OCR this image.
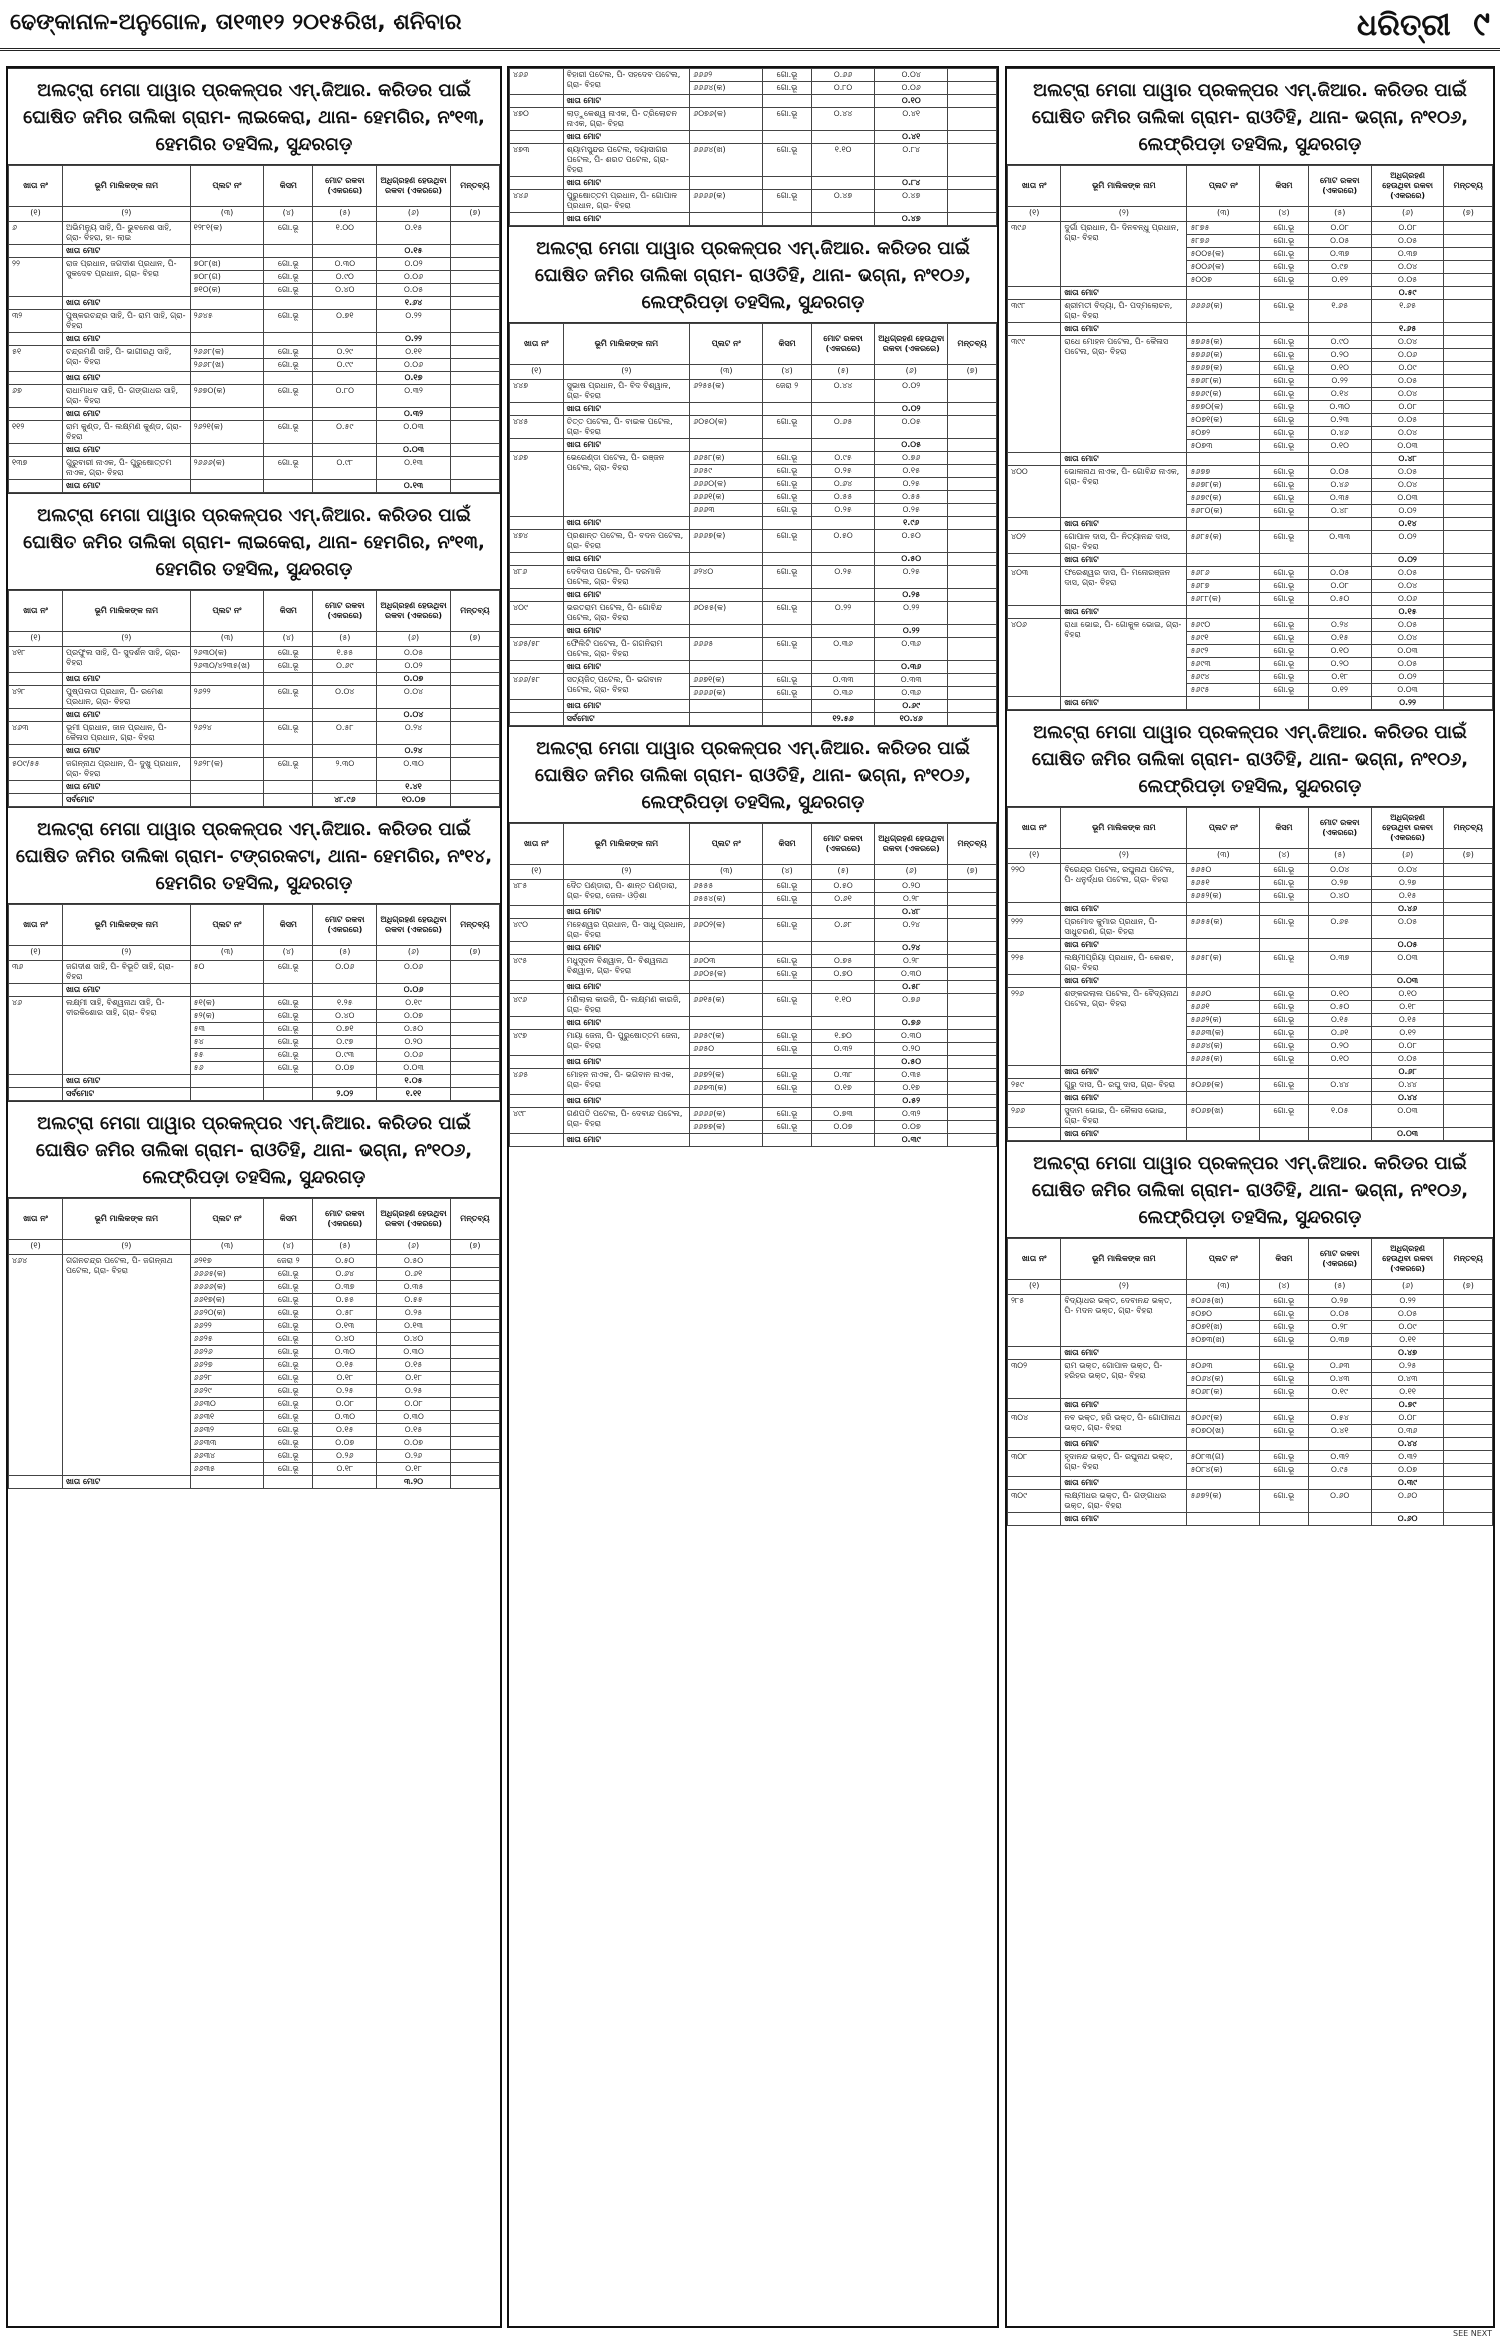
ଢେଙ୍କାନାଳ-ଅନୁଗୋଳ, ତା୧୩୧୨ ୨୦୧୫ରିଖ, ଶନିବାର	ଧରିତ୍ରୀ ୯
ଅଲଟ୍ରା ମେଗା ପାୱାର ପ୍ରକଳ୍ପର ଏମ୍.ଜିଆର. କରିଡର ପାଇଁ ଘୋଷିତ ଜମିର ତାଲିକା ଗ୍ରାମ- ଲାଇକେରା, ଥାନା- ହେମଗିର, ନଂ୧୩, ହେମଗିର ତହସିଲ, ସୁନ୍ଦରଗଡ଼
ଖାତା ନଂ	ଭୂମି ମାଲିକଙ୍କ ନାମ	ପ୍ଲଟ ନଂ	କିସମ	ମୋଟ ରକବା (ଏକରରେ)	ଅଧିଗ୍ରହଣ ହେଉଥିବା ରକବା (ଏକରରେ)	ମନ୍ତବ୍ୟ
(୧)	(୨)	(୩)	(୪)	(୫)	(୬)	(୭)
୬	ଅଭିମନ୍ୟୁ ସାହି, ପି- ଭୁବନେଶ ସାହି, ଗ୍ରା- ବିହରା, ହା- ଲାଇ	୧୨୮୧(କ)	ଗୋ.ଭୂ	୧.୦୦	୦.୧୫	
	ଖାତା ମୋଟ				୦.୧୫	
୨୨	ରାଜ ପ୍ରଧାନ, ଜଗଦୀଶ ପ୍ରଧାନ, ପି- ସୁକଦେବ ପ୍ରଧାନ, ଗ୍ରା- ବିହରା	୭୦୮(ଖ)	ଗୋ.ଭୂ	୦.୩୦	୦.୦୨	
		୭୦୮(ଗ)	ଗୋ.ଭୂ	୦.୯୦	୦.୦୬	
		୭୧୦(କ)	ଗୋ.ଭୂ	୦.୪୦	୦.୦୫	
	ଖାତା ମୋଟ				୧.୬୪	
୩୨	ପୁଷ୍କରଚନ୍ଦ୍ର ସାହି, ପି- ରାମ ସାହି, ଗ୍ରା- ବିହରା	୨୬୪୫	ଗୋ.ଭୂ	୦.୭୧	୦.୨୨	
	ଖାତା ମୋଟ				୦.୨୨	
୫୧	ଚନ୍ଦ୍ରମଣି ସାହି, ପି- ଭାଗୀରଥି ସାହି, ଗ୍ରା- ବିହରା	୨୬୬୮(କ)	ଗୋ.ଭୂ	୦.୨୯	୦.୧୧	
		୨୬୬୮(ଖ)	ଗୋ.ଭୂ	୦.୯୯	୦.୦୬	
	ଖାତା ମୋଟ				୦.୧୭	
୬୭	ରାଧାମାଧବ ସାହି, ପି- ଗଙ୍ଗାଧର ସାହି, ଗ୍ରା- ବିହରା	୨୬୭୦(କ)	ଗୋ.ଭୂ	୦.୮୦	୦.୩୨	
	ଖାତା ମୋଟ				୦.୩୨	
୧୧୨	ରାମ କୁଣ୍ଡ, ପି- ଲକ୍ଷ୍ମଣ କୁଣ୍ଡ, ଗ୍ରା- ବିହରା	୨୬୨୧(କ)	ଗୋ.ଭୂ	୦.୫୯	୦.୦୩	
	ଖାତା ମୋଟ				୦.୦୩	
୧୩୭	ଗୁରୁବାରୀ ନାଏକ, ପି- ପୁରୁଷୋତ୍ତମ ନାଏକ, ଗ୍ରା- ବିହରା	୨୬୬୬(କ)	ଗୋ.ଭୂ	୦.୯୮	୦.୧୩	
	ଖାତା ମୋଟ				୦.୧୩	
ଅଲଟ୍ରା ମେଗା ପାୱାର ପ୍ରକଳ୍ପର ଏମ୍.ଜିଆର. କରିଡର ପାଇଁ ଘୋଷିତ ଜମିର ତାଲିକା ଗ୍ରାମ- ଲାଇକେରା, ଥାନା- ହେମଗିର, ନଂ୧୩, ହେମଗିର ତହସିଲ, ସୁନ୍ଦରଗଡ଼
ଖାତା ନଂ	ଭୂମି ମାଲିକଙ୍କ ନାମ	ପ୍ଲଟ ନଂ	କିସମ	ମୋଟ ରକବା (ଏକରରେ)	ଅଧିଗ୍ରହଣ ହେଉଥିବା ରକବା (ଏକରରେ)	ମନ୍ତବ୍ୟ
(୧)	(୨)	(୩)	(୪)	(୫)	(୬)	(୭)
୪୧୮	ପ୍ରଫୁଲ ସାହି, ପି- ସୁଦର୍ଶନ ସାହି, ଗ୍ରା- ବିହରା	୨୬୩୦(କ)	ଗୋ.ଭୂ	୧.୫୫	୦.୦୫	
		୨୬୩୦/୪୨୩୫(ଖ)	ଗୋ.ଭୂ	୦.୬୯	୦.୦୨	
	ଖାତା ମୋଟ				୦.୦୭	
୪୨୮	ପୁଷ୍ପଲତା ପ୍ରଧାନ, ପି- ରମେଶ ପ୍ରଧାନ, ଗ୍ରା- ବିହରା	୨୬୨୨	ଗୋ.ଭୂ	୦.୦୪	୦.୦୪	
	ଖାତା ମୋଟ				୦.୦୪	
୪୬୩	ଭୂମୀ ପ୍ରଧାନ, ଜାନ ପ୍ରଧାନ, ପି- କୈଳାସ ପ୍ରଧାନ, ଗ୍ରା- ବିହରା	୨୬୨୪	ଗୋ.ଭୂ	୦.୫୮	୦.୨୪	
	ଖାତା ମୋଟ				୦.୨୪	
୫୦୯/୫୫	ଜଗନ୍ନାଥ ପ୍ରଧାନ, ପି- ଦୁଖୁ ପ୍ରଧାନ, ଗ୍ରା- ବିହରା	୨୬୨୮(କ)	ଗୋ.ଭୂ	୨.୩୦	୦.୩୦	
	ଖାତା ମୋଟ				୧.୪୧	
	ସର୍ବମୋଟ			୪୮.୯୬	୧୦.୦୭	
ଅଲଟ୍ରା ମେଗା ପାୱାର ପ୍ରକଳ୍ପର ଏମ୍.ଜିଆର. କରିଡର ପାଇଁ ଘୋଷିତ ଜମିର ତାଲିକା ଗ୍ରାମ- ଟଙ୍ଗରକଟା, ଥାନା- ହେମଗିର, ନଂ୧୪, ହେମଗିର ତହସିଲ, ସୁନ୍ଦରଗଡ଼
ଖାତା ନଂ	ଭୂମି ମାଲିକଙ୍କ ନାମ	ପ୍ଲଟ ନଂ	କିସମ	ମୋଟ ରକବା (ଏକରରେ)	ଅଧିଗ୍ରହଣ ହେଉଥିବା ରକବା (ଏକରରେ)	ମନ୍ତବ୍ୟ
(୧)	(୨)	(୩)	(୪)	(୫)	(୬)	(୭)
୩୬	ଜଗଦୀଶ ସାହି, ପି- ବିଭୂତି ସାହି, ଗ୍ରା- ବିହରା	୫୦	ଗୋ.ଭୂ	୦.୦୬	୦.୦୬	
	ଖାତା ମୋଟ				୦.୦୬	
୪୬	ଲକ୍ଷ୍ମୀ ସାହି, ବିଶ୍ୱନାଥ ସାହି, ପି- ବୀରକିଶୋର ସାହି, ଗ୍ରା- ବିହରା	୫୧(କ)	ଗୋ.ଭୂ	୧.୨୫	୦.୧୯	
		୫୨(କ)	ଗୋ.ଭୂ	୦.୪୦	୦.୦୭	
		୫୩	ଗୋ.ଭୂ	୦.୭୧	୦.୫୦	
		୫୪	ଗୋ.ଭୂ	୦.୯୭	୦.୨୦	
		୫୫	ଗୋ.ଭୂ	୦.୯୩	୦.୦୬	
		୫୬	ଗୋ.ଭୂ	୦.୦୭	୦.୦୩	
	ଖାତା ମୋଟ				୧.୦୫	
	ସର୍ବମୋଟ			୨.୦୨	୧.୧୧	
ଅଲଟ୍ରା ମେଗା ପାୱାର ପ୍ରକଳ୍ପର ଏମ୍.ଜିଆର. କରିଡର ପାଇଁ ଘୋଷିତ ଜମିର ତାଲିକା ଗ୍ରାମ- ରାଓତିହି, ଥାନା- ଭଗ୍ନା, ନଂ୧୦୬, ଲେଫ୍ରିପଡ଼ା ତହସିଲ, ସୁନ୍ଦରଗଡ଼
ଖାତା ନଂ	ଭୂମି ମାଲିକଙ୍କ ନାମ	ପ୍ଲଟ ନଂ	କିସମ	ମୋଟ ରକବା (ଏକରରେ)	ଅଧିଗ୍ରହଣ ହେଉଥିବା ରକବା (ଏକରରେ)	ମନ୍ତବ୍ୟ
(୧)	(୨)	(୩)	(୪)	(୫)	(୬)	(୭)
୪୬୪	ଗଗନଚନ୍ଦ୍ର ପଟେଲ, ପି- ଜଗନ୍ନାଥ ପଟେଲ, ଗ୍ରା- ବିହରା	୬୨୧୭	ଜେରା ୨	୦.୫୦	୦.୫୦	
		୬୬୬୫(କ)	ଗୋ.ଭୂ	୦.୬୪	୦.୬୧	
		୬୬୬୬(କ)	ଗୋ.ଭୂ	୦.୩୭	୦.୩୫	
		୬୬୧୭(କ)	ଗୋ.ଭୂ	୦.୫୫	୦.୫୫	
		୬୬୨୦(କ)	ଗୋ.ଭୂ	୦.୫୮	୦.୨୫	
		୬୬୨୨	ଗୋ.ଭୂ	୦.୧୩	୦.୧୩	
		୬୬୨୫	ଗୋ.ଭୂ	୦.୪୦	୦.୪୦	
		୬୬୨୬	ଗୋ.ଭୂ	୦.୩୦	୦.୩୦	
		୬୬୨୭	ଗୋ.ଭୂ	୦.୧୫	୦.୧୫	
		୬୬୨୮	ଗୋ.ଭୂ	୦.୧୮	୦.୧୮	
		୬୬୨୯	ଗୋ.ଭୂ	୦.୨୫	୦.୨୫	
		୬୬୩୦	ଗୋ.ଭୂ	୦.୦୮	୦.୦୮	
		୬୬୩୧	ଗୋ.ଭୂ	୦.୩୦	୦.୩୦	
		୬୬୩୨	ଗୋ.ଭୂ	୦.୧୫	୦.୧୫	
		୬୬୩୩	ଗୋ.ଭୂ	୦.୦୭	୦.୦୭	
		୬୬୩୪	ଗୋ.ଭୂ	୦.୨୬	୦.୨୬	
		୬୬୩୫	ଗୋ.ଭୂ	୦.୧୮	୦.୧୮	
	ଖାତା ମୋଟ				୩.୨୦	
୪୬୬	ବିହାରୀ ପଟେଲ, ପି- ସହଦେବ ପଟେଲ, ଗ୍ରା- ବିହରା	୬୬୬୨	ଗୋ.ଭୂ	୦.୬୬	୦.୦୪	
		୬୬୬୪(କ)	ଗୋ.ଭୂ	୦.୮୦	୦.୦୬	
	ଖାତା ମୋଟ				୦.୧୦	
୪୭୦	ଲାଡ଼ୁକେଶ୍ୱ ନାଏକ, ପି- ତ୍ରିଲୋଚନ ନାଏକ, ଗ୍ରା- ବିହରା	୬୦୭୬(କ)	ଗୋ.ଭୂ	୦.୪୪	୦.୪୧	
	ଖାତା ମୋଟ				୦.୪୧	
୪୭୩	ଶ୍ୟାମସୁନ୍ଦର ପଟେଲ, ଦୟାସାଗର ପଟେଲ, ପି- ଶରତ ପଟେଲ, ଗ୍ରା- ବିହରା	୬୬୬୪(ଖ)	ଗୋ.ଭୂ	୧.୧୦	୦.୮୪	
	ଖାତା ମୋଟ				୦.୮୪	
୪୪୬	ପୁରୁଷୋତ୍ତମ ପ୍ରଧାନ, ପି- ଗୋପାଳ ପ୍ରଧାନ, ଗ୍ରା- ବିହରା	୬୬୬୬(କ)	ଗୋ.ଭୂ	୦.୪୭	୦.୪୭	
	ଖାତା ମୋଟ				୦.୪୭	
ଅଲଟ୍ରା ମେଗା ପାୱାର ପ୍ରକଳ୍ପର ଏମ୍.ଜିଆର. କରିଡର ପାଇଁ ଘୋଷିତ ଜମିର ତାଲିକା ଗ୍ରାମ- ରାଓତିହି, ଥାନା- ଭଗ୍ନା, ନଂ୧୦୬, ଲେଫ୍ରିପଡ଼ା ତହସିଲ, ସୁନ୍ଦରଗଡ଼
ଖାତା ନଂ	ଭୂମି ମାଲିକଙ୍କ ନାମ	ପ୍ଲଟ ନଂ	କିସମ	ମୋଟ ରକବା (ଏକରରେ)	ଅଧିଗ୍ରହଣ ହେଉଥିବା ରକବା (ଏକରରେ)	ମନ୍ତବ୍ୟ
(୧)	(୨)	(୩)	(୪)	(୫)	(୬)	(୭)
୪୪୭	ସୁଭାଷ ପ୍ରଧାନ, ପି- ବିଦ ବିଶ୍ୱାଳ, ଗ୍ରା- ବିହରା	୬୨୫୫(କ)	ଜେରା ୨	୦.୪୪	୦.୦୨	
	ଖାତା ମୋଟ				୦.୦୨	
୪୪୫	ଚିତ୍ତ ପଟେଲ, ପି- ବାଇକ ପଟେଲ, ଗ୍ରା- ବିହରା	୬୦୫୦(କ)	ଗୋ.ଭୂ	୦.୬୫	୦.୦୫	
	ଖାତା ମୋଟ				୦.୦୫	
୪୬୭	ଭେରେଣ୍ଡା ପଟେଲ, ପି- ରଞ୍ଜନ ପଟେଲ, ଗ୍ରା- ବିହରା	୬୬୫୮(କ)	ଗୋ.ଭୂ	୦.୯୫	୦.୭୬	
		୬୬୫୯	ଗୋ.ଭୂ	୦.୨୫	୦.୧୫	
		୬୬୬୦(କ)	ଗୋ.ଭୂ	୦.୬୪	୦.୨୫	
		୬୬୬୧(କ)	ଗୋ.ଭୂ	୦.୫୫	୦.୫୫	
		୬୬୬୩	ଗୋ.ଭୂ	୦.୨୫	୦.୨୫	
	ଖାତା ମୋଟ				୧.୯୬	
୪୭୪	ପ୍ରଶାନ୍ତ ପଟେଲ, ପି- ବଦନ ପଟେଲ, ଗ୍ରା- ବିହରା	୬୬୬୭(କ)	ଗୋ.ଭୂ	୦.୫୦	୦.୫୦	
	ଖାତା ମୋଟ				୦.୫୦	
୪୮୬	ଦେବିଦାସ ପଟେଲ, ପି- ଦରମାଳି ପଟେଲ, ଗ୍ରା- ବିହରା	୬୨୪୦	ଗୋ.ଭୂ	୦.୨୫	୦.୨୫	
	ଖାତା ମୋଟ				୦.୨୫	
୪୦୯	ଭରତରାମ ପଟେଲ, ପି- ଗୋବିନ୍ଦ ପଟେଲ, ଗ୍ରା- ବିହରା	୬୦୫୫(କ)	ଗୋ.ଭୂ	୦.୨୨	୦.୨୨	
	ଖାତା ମୋଟ				୦.୨୨	
୪୬୫/୫୮	ଫୈଲିଟି ପଟେଲ, ପି- ଗଗନିରାମ ପଟେଲ, ଗ୍ରା- ବିହରା	୬୬୬୫	ଗୋ.ଭୂ	୦.୩୬	୦.୩୬	
	ଖାତା ମୋଟ				୦.୩୬	
୪୬୬/୫୮	ସତ୍ୟଜିତ୍ ପଟେଲ, ପି- ଭଗବାନ ପଟେଲ, ଗ୍ରା- ବିହରା	୬୬୭୧(କ)	ଗୋ.ଭୂ	୦.୩୩	୦.୩୩	
		୬୬୬୬(କ)	ଗୋ.ଭୂ	୦.୩୬	୦.୩୬	
	ଖାତା ମୋଟ				୦.୬୯	
	ସର୍ବମୋଟ			୧୨.୫୬	୧୦.୪୬	
ଅଲଟ୍ରା ମେଗା ପାୱାର ପ୍ରକଳ୍ପର ଏମ୍.ଜିଆର. କରିଡର ପାଇଁ ଘୋଷିତ ଜମିର ତାଲିକା ଗ୍ରାମ- ରାଓତିହି, ଥାନା- ଭଗ୍ନା, ନଂ୧୦୬, ଲେଫ୍ରିପଡ଼ା ତହସିଲ, ସୁନ୍ଦରଗଡ଼
ଖାତା ନଂ	ଭୂମି ମାଲିକଙ୍କ ନାମ	ପ୍ଲଟ ନଂ	କିସମ	ମୋଟ ରକବା (ଏକରରେ)	ଅଧିଗ୍ରହଣ ହେଉଥିବା ରକବା (ଏକରରେ)	ମନ୍ତବ୍ୟ
(୧)	(୨)	(୩)	(୪)	(୫)	(୬)	(୭)
୪୮୫	ଦୈତ ପଣ୍ଡାରା, ପି- ଶାନ୍ତ ପଣ୍ଡାରା, ଗ୍ରା- ବିହରା, ଜେନା- ଓଡ଼ିଶା	୬୫୫୫	ଗୋ.ଭୂ	୦.୫୦	୦.୨୦	
		୬୫୫୪(କ)	ଗୋ.ଭୂ	୦.୬୧	୦.୨୮	
	ଖାତା ମୋଟ				୦.୪୮	
୪୯୦	ମହେଶ୍ୱର ପ୍ରଧାନ, ପି- ସାଧୁ ପ୍ରଧାନ, ଗ୍ରା- ବିହରା	୬୬୦୨(କ)	ଗୋ.ଭୂ	୦.୬୮	୦.୨୪	
	ଖାତା ମୋଟ				୦.୨୪	
୪୯୫	ମଧୁସୂଦନ ବିଶ୍ୱାଳ, ପି- ବିଶ୍ୱନାଥ ବିଶ୍ୱାଳ, ଗ୍ରା- ବିହରା	୬୬୦୩	ଗୋ.ଭୂ	୦.୭୫	୦.୨୮	
		୬୬୦୫(କ)	ଗୋ.ଭୂ	୦.୭୦	୦.୩୦	
	ଖାତା ମୋଟ				୦.୫୮	
୪୯୬	ମଣିଲାଲ କାରଜି, ପି- ଲକ୍ଷ୍ମଣ କାରଜି, ଗ୍ରା- ବିହରା	୬୬୧୫(କ)	ଗୋ.ଭୂ	୧.୧୦	୦.୭୬	
	ଖାତା ମୋଟ				୦.୭୬	
୪୯୭	ମାୟା ଜେନା, ପି- ପୁରୁଷୋତ୍ତମ ଜେନା, ଗ୍ରା- ବିହରା	୬୬୫୯(କ)	ଗୋ.ଭୂ	୧.୭୦	୦.୩୦	
		୬୬୫୦	ଗୋ.ଭୂ	୦.୩୨	୦.୨୦	
	ଖାତା ମୋଟ				୦.୫୦	
୪୬୫	ମୋହନ ନାଏକ, ପି- ଭଗବାନ ନାଏକ, ଗ୍ରା- ବିହରା	୬୬୭୨(କ)	ଗୋ.ଭୂ	୦.୩୮	୦.୩୫	
		୬୬୭୩(କ)	ଗୋ.ଭୂ	୦.୧୭	୦.୧୭	
	ଖାତା ମୋଟ				୦.୫୨	
୪୯୮	ଗଣପତି ପଟେଲ, ପି- ଦେବାନ୍ଦ ପଟେଲ, ଗ୍ରା- ବିହରା	୬୬୬୬(କ)	ଗୋ.ଭୂ	୦.୭୩	୦.୩୨	
		୬୬୭୭(କ)	ଗୋ.ଭୂ	୦.୦୭	୦.୦୭	
	ଖାତା ମୋଟ				୦.୩୯	
ଅଲଟ୍ରା ମେଗା ପାୱାର ପ୍ରକଳ୍ପର ଏମ୍.ଜିଆର. କରିଡର ପାଇଁ ଘୋଷିତ ଜମିର ତାଲିକା ଗ୍ରାମ- ରାଓତିହି, ଥାନା- ଭଗ୍ନା, ନଂ୧୦୬, ଲେଫ୍ରିପଡ଼ା ତହସିଲ, ସୁନ୍ଦରଗଡ଼
ଖାତା ନଂ	ଭୂମି ମାଲିକଙ୍କ ନାମ	ପ୍ଲଟ ନଂ	କିସମ	ମୋଟ ରକବା (ଏକରରେ)	ଅଧିଗ୍ରହଣ ହେଉଥିବା ରକବା (ଏକରରେ)	ମନ୍ତବ୍ୟ
(୧)	(୨)	(୩)	(୪)	(୫)	(୬)	(୭)
୩୯୬	ଦୁର୍ଗା ପ୍ରଧାନ, ପି- ଦିନବନ୍ଧୁ ପ୍ରଧାନ, ଗ୍ରା- ବିହରା	୫୮୭୫	ଗୋ.ଭୂ	୦.୦୮	୦.୦୮	
		୫୮୭୬	ଗୋ.ଭୂ	୦.୦୫	୦.୦୫	
		୫୦୦୫(କ)	ଗୋ.ଭୂ	୦.୩୭	୦.୩୭	
		୫୦୦୬(କ)	ଗୋ.ଭୂ	୦.୯୭	୦.୦୪	
		୫୦୦୭	ଗୋ.ଭୂ	୦.୧୨	୦.୦୫	
	ଖାତା ମୋଟ				୦.୫୯	
୩୯୮	ଶ୍ରୀମତୀ ବିଦ୍ୟା, ପି- ପଦ୍ମଲୋଚନ, ଗ୍ରା- ବିହରା	୬୬୬୬(କ)	ଗୋ.ଭୂ	୧.୬୫	୧.୬୫	
	ଖାତା ମୋଟ				୧.୬୫	
୩୯୯	ରାଧେ ମୋହନ ପଟେଲ, ପି- କୈଳାସ ପଟେଲ, ଗ୍ରା- ବିହରା	୫୭୬୫(କ)	ଗୋ.ଭୂ	୦.୯୦	୦.୦୪	
		୫୭୬୬(କ)	ଗୋ.ଭୂ	୦.୨୦	୦.୦୬	
		୫୭୬୭(କ)	ଗୋ.ଭୂ	୦.୧୦	୦.୦୯	
		୫୭୬୮(କ)	ଗୋ.ଭୂ	୦.୨୨	୦.୦୫	
		୫୭୬୯(କ)	ଗୋ.ଭୂ	୦.୧୪	୦.୦୪	
		୫୭୭୦(କ)	ଗୋ.ଭୂ	୦.୩୦	୦.୦୮	
		୫୦୭୧(କ)	ଗୋ.ଭୂ	୦.୨୩	୦.୦୫	
		୫୦୭୨	ଗୋ.ଭୂ	୦.୪୬	୦.୦୪	
		୫୦୭୩	ଗୋ.ଭୂ	୦.୧୦	୦.୦୩	
	ଖାତା ମୋଟ				୦.୪୮	
୪୦୦	ଭୋଳାନାଥ ନାଏକ, ପି- ଗୋବିନ୍ଦ ନାଏକ, ଗ୍ରା- ବିହରା	୫୬୭୭	ଗୋ.ଭୂ	୦.୦୫	୦.୦୫	
		୫୬୭୮(କ)	ଗୋ.ଭୂ	୦.୪୬	୦.୦୪	
		୫୬୭୯(କ)	ଗୋ.ଭୂ	୦.୩୫	୦.୦୩	
		୫୬୮୦(କ)	ଗୋ.ଭୂ	୦.୪୮	୦.୦୨	
	ଖାତା ମୋଟ				୦.୧୪	
୪୦୨	ଗୋପାଳ ଦାସ, ପି- ନିତ୍ୟାନନ୍ଦ ଦାସ, ଗ୍ରା- ବିହରା	୫୬୮୫(କ)	ଗୋ.ଭୂ	୦.୩୩	୦.୦୨	
	ଖାତା ମୋଟ				୦.୦୨	
୪୦୩	ଫରେଶ୍ୱର ଦାସ, ପି- ମନୋରଞ୍ଜନ ଦାସ, ଗ୍ରା- ବିହରା	୫୬୮୬	ଗୋ.ଭୂ	୦.୦୫	୦.୦୫	
		୫୬୮୭	ଗୋ.ଭୂ	୦.୦୮	୦.୦୪	
		୫୬୮୮(କ)	ଗୋ.ଭୂ	୦.୫୦	୦.୦୬	
	ଖାତା ମୋଟ				୦.୧୫	
୪୦୬	ରାଧା ଭୋଇ, ପି- ଗୋକୁଳ ଭୋଇ, ଗ୍ରା- ବିହରା	୫୬୯୦	ଗୋ.ଭୂ	୦.୨୪	୦.୦୫	
		୫୬୯୧	ଗୋ.ଭୂ	୦.୧୫	୦.୦୪	
		୫୬୯୨	ଗୋ.ଭୂ	୦.୧୦	୦.୦୩	
		୫୬୯୩	ଗୋ.ଭୂ	୦.୨୦	୦.୦୫	
		୫୬୯୪	ଗୋ.ଭୂ	୦.୧୮	୦.୦୨	
		୫୬୯୫	ଗୋ.ଭୂ	୦.୧୨	୦.୦୩	
	ଖାତା ମୋଟ				୦.୨୨	
ଅଲଟ୍ରା ମେଗା ପାୱାର ପ୍ରକଳ୍ପର ଏମ୍.ଜିଆର. କରିଡର ପାଇଁ ଘୋଷିତ ଜମିର ତାଲିକା ଗ୍ରାମ- ରାଓତିହି, ଥାନା- ଭଗ୍ନା, ନଂ୧୦୬, ଲେଫ୍ରିପଡ଼ା ତହସିଲ, ସୁନ୍ଦରଗଡ଼
ଖାତା ନଂ	ଭୂମି ମାଲିକଙ୍କ ନାମ	ପ୍ଲଟ ନଂ	କିସମ	ମୋଟ ରକବା (ଏକରରେ)	ଅଧିଗ୍ରହଣ ହେଉଥିବା ରକବା (ଏକରରେ)	ମନ୍ତବ୍ୟ
(୧)	(୨)	(୩)	(୪)	(୫)	(୬)	(୭)
୨୨୦	ବିରେନ୍ଦ୍ର ପଟେଲ, ରଘୁନାଥ ପଟେଲ, ପି- ଧନୁର୍ଦ୍ଧର ପଟେଲ, ଗ୍ରା- ବିହରା	୫୬୫୦	ଗୋ.ଭୂ	୦.୦୪	୦.୦୪	
		୫୬୫୧	ଗୋ.ଭୂ	୦.୨୭	୦.୨୭	
		୫୬୫୨(କ)	ଗୋ.ଭୂ	୦.୪୦	୦.୧୫	
	ଖାତା ମୋଟ				୦.୪୬	
୨୨୨	ପ୍ରମୋଦ କୁମାର ପ୍ରଧାନ, ପି- ସାଧୁଚରଣ, ଗ୍ରା- ବିହରା	୫୬୫୫(କ)	ଗୋ.ଭୂ	୦.୬୫	୦.୦୫	
	ଖାତା ମୋଟ				୦.୦୫	
୨୨୫	ଲକ୍ଷ୍ମୀପ୍ରିୟା ପ୍ରଧାନ, ପି- କେଶବ, ଗ୍ରା- ବିହରା	୫୬୫୮(କ)	ଗୋ.ଭୂ	୦.୩୭	୦.୦୩	
	ଖାତା ମୋଟ				୦.୦୩	
୨୨୬	ଶଙ୍କରଲାଲ ପଟେଲ, ପି- ବୈଦ୍ୟନାଥ ପଟେଲ, ଗ୍ରା- ବିହରା	୫୬୬୦	ଗୋ.ଭୂ	୦.୧୦	୦.୧୦	
		୫୬୬୧	ଗୋ.ଭୂ	୦.୫୦	୦.୧୮	
		୫୬୬୨(କ)	ଗୋ.ଭୂ	୦.୧୫	୦.୧୫	
		୫୬୬୩(କ)	ଗୋ.ଭୂ	୦.୬୧	୦.୧୨	
		୫୬୬୪(କ)	ଗୋ.ଭୂ	୦.୨୦	୦.୦୮	
		୫୬୬୫(କ)	ଗୋ.ଭୂ	୦.୧୦	୦.୦୫	
	ଖାତା ମୋଟ				୦.୬୮	
୨୫୯	ଗୁରୁ ଦାସ, ପି- ରଘୁ ଦାସ, ଗ୍ରା- ବିହରା	୫୦୬୭(କ)	ଗୋ.ଭୂ	୦.୪୪	୦.୪୪	
	ଖାତା ମୋଟ				୦.୪୪	
୨୬୬	ସୁଦାମ ଭୋଇ, ପି- କୈଳାସ ଭୋଇ, ଗ୍ରା- ବିହରା	୫୦୬୭(ଖ)	ଗୋ.ଭୂ	୧.୦୫	୦.୦୩	
	ଖାତା ମୋଟ				୦.୦୩	
ଅଲଟ୍ରା ମେଗା ପାୱାର ପ୍ରକଳ୍ପର ଏମ୍.ଜିଆର. କରିଡର ପାଇଁ ଘୋଷିତ ଜମିର ତାଲିକା ଗ୍ରାମ- ରାଓତିହି, ଥାନା- ଭଗ୍ନା, ନଂ୧୦୬, ଲେଫ୍ରିପଡ଼ା ତହସିଲ, ସୁନ୍ଦରଗଡ଼
ଖାତା ନଂ	ଭୂମି ମାଲିକଙ୍କ ନାମ	ପ୍ଲଟ ନଂ	କିସମ	ମୋଟ ରକବା (ଏକରରେ)	ଅଧିଗ୍ରହଣ ହେଉଥିବା ରକବା (ଏକରରେ)	ମନ୍ତବ୍ୟ
(୧)	(୨)	(୩)	(୪)	(୫)	(୬)	(୭)
୨୮୫	ବିଦ୍ୟାଧର ଭକ୍ତ, ଦେବାନନ୍ଦ ଭକ୍ତ, ପି- ମଦନ ଭକ୍ତ, ଗ୍ରା- ବିହରା	୫୦୬୫(ଖ)	ଗୋ.ଭୂ	୦.୨୭	୦.୨୨	
		୫୦୭୦	ଗୋ.ଭୂ	୦.୦୫	୦.୦୫	
		୫୦୭୧(ଖ)	ଗୋ.ଭୂ	୦.୨୮	୦.୦୯	
		୫୦୭୩(ଖ)	ଗୋ.ଭୂ	୦.୩୭	୦.୧୧	
	ଖାତା ମୋଟ				୦.୪୭	
୩୦୨	ରାମ ଭକ୍ତ, ଗୋପାଳ ଭକ୍ତ, ପି- ହରିହର ଭକ୍ତ, ଗ୍ରା- ବିହରା	୫୦୬୩	ଗୋ.ଭୂ	୦.୬୩	୦.୨୫	
		୫୦୬୪(କ)	ଗୋ.ଭୂ	୦.୪୩	୦.୪୩	
		୫୦୬୮(କ)	ଗୋ.ଭୂ	୦.୧୯	୦.୧୧	
	ଖାତା ମୋଟ				୦.୭୯	
୩୦୪	ନବ ଭକ୍ତ, ହରି ଭକ୍ତ, ପି- ଗୋପୀନାଥ ଭକ୍ତ, ଗ୍ରା- ବିହରା	୫୦୬୯(କ)	ଗୋ.ଭୂ	୦.୫୪	୦.୦୮	
		୫୦୭୦(ଖ)	ଗୋ.ଭୂ	୦.୪୧	୦.୩୬	
	ଖାତା ମୋଟ				୦.୪୪	
୩୦୮	ହୃଦାନନ୍ଦ ଭକ୍ତ, ପି- ରଘୁନାଥ ଭକ୍ତ, ଗ୍ରା- ବିହରା	୫୦୮୩(ଗ)	ଗୋ.ଭୂ	୦.୩୨	୦.୩୨	
		୫୦୮୪(କ)	ଗୋ.ଭୂ	୦.୯୫	୦.୦୭	
	ଖାତା ମୋଟ				୦.୩୯	
୩୦୯	ଲକ୍ଷ୍ମୀଧର ଭକ୍ତ, ପି- ଗଙ୍ଗାଧର ଭକ୍ତ, ଗ୍ରା- ବିହରା	୫୬୭୨(କ)	ଗୋ.ଭୂ	୦.୬୦	୦.୬୦	
	ଖାତା ମୋଟ				୦.୬୦	
SEE NEXT
